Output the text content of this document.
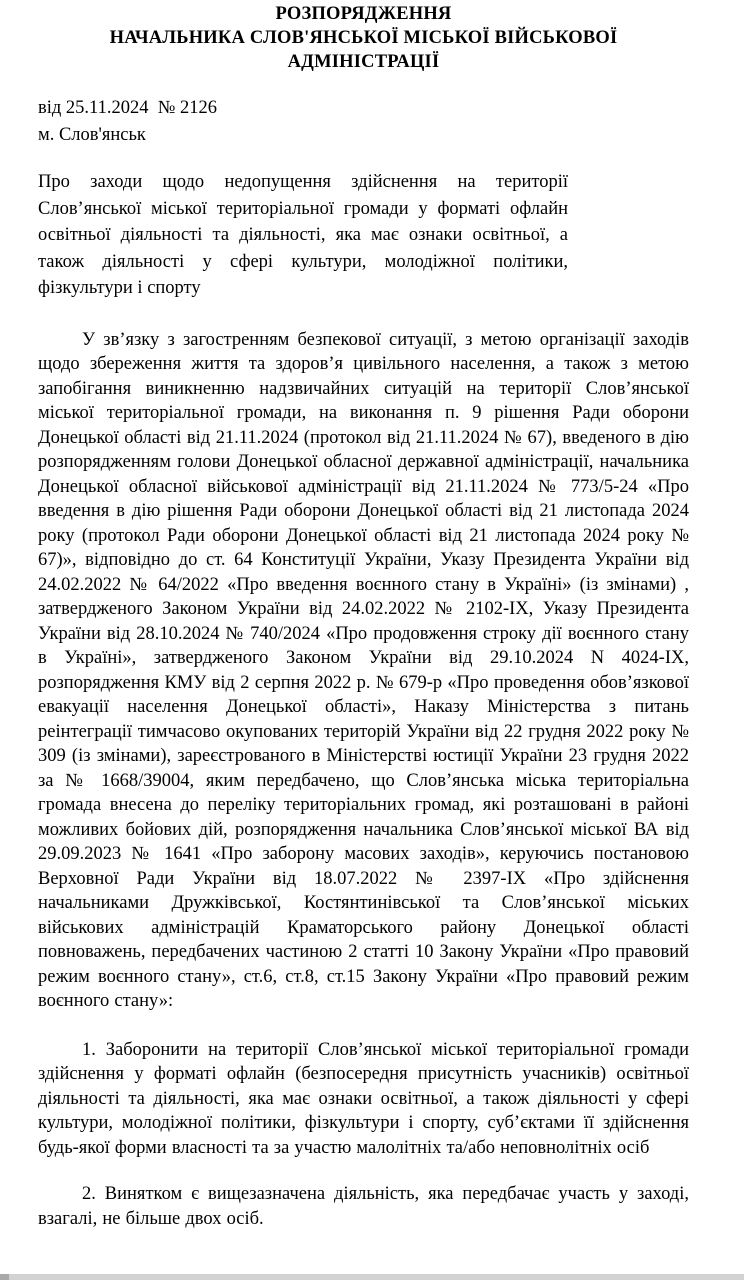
РОЗПОРЯДЖЕННЯ
НАЧАЛЬНИКА СЛОВ'ЯНСЬКОЇ МІСЬКОЇ ВІЙСЬКОВОЇ
АДМІНІСТРАЦІЇ
від 25.11.2024  № 2126
м. Слов'янськ
Про заходи щодо недопущення здійснення на території Слов’янської міської територіальної громади у форматі офлайн освітньої діяльності та діяльності, яка має ознаки освітньої, а також діяльності у сфері культури, молодіжної політики, фізкультури і спорту
У зв’язку з загостренням безпекової ситуації, з метою організації заходів щодо збереження життя та здоров’я цивільного населення, а також з метою запобігання виникненню надзвичайних ситуацій на території Слов’янської міської територіальної громади, на виконання п. 9 рішення Ради оборони Донецької області від 21.11.2024 (протокол від 21.11.2024 № 67), введеного в дію розпорядженням голови Донецької обласної державної адміністрації, начальника Донецької обласної військової адміністрації від 21.11.2024 № 773/5-24 «Про введення в дію рішення Ради оборони Донецької області від 21 листопада 2024 року (протокол Ради оборони Донецької області від 21 листопада 2024 року № 67)», відповідно до ст. 64 Конституції України, Указу Президента України від 24.02.2022 № 64/2022 «Про введення воєнного стану в Україні» (із змінами) , затвердженого Законом України від 24.02.2022 № 2102-IX, Указу Президента України від 28.10.2024 № 740/2024 «Про продовження строку дії воєнного стану в Україні», затвердженого Законом України від 29.10.2024 N 4024-IX, розпорядження КМУ від 2 серпня 2022 р. № 679-р «Про проведення обов’язкової евакуації населення Донецької області», Наказу Міністерства з питань реінтеграції тимчасово окупованих територій України від 22 грудня 2022 року № 309 (із змінами), зареєстрованого в Міністерстві юстиції України 23 грудня 2022 за № 1668/39004, яким передбачено, що Слов’янська міська територіальна громада внесена до переліку територіальних громад, які розташовані в районі можливих бойових дій, розпорядження начальника Слов’янської міської ВА від 29.09.2023 № 1641 «Про заборону масових заходів», керуючись постановою Верховної Ради України від 18.07.2022 № 2397-IX «Про здійснення начальниками Дружківської, Костянтинівської та Слов’янської міських військових адміністрацій Краматорського району Донецької області повноважень, передбачених частиною 2 статті 10 Закону України «Про правовий режим воєнного стану», ст.6, ст.8, ст.15 Закону України «Про правовий режим воєнного стану»:
1. Заборонити на території Слов’янської міської територіальної громади здійснення у форматі офлайн (безпосередня присутність учасників) освітньої діяльності та діяльності, яка має ознаки освітньої, а також діяльності у сфері культури, молодіжної політики, фізкультури і спорту, суб’єктами її здійснення будь-якої форми власності та за участю малолітніх та/або неповнолітніх осіб
2. Винятком є вищезазначена діяльність, яка передбачає участь у заході, взагалі, не більше двох осіб.
